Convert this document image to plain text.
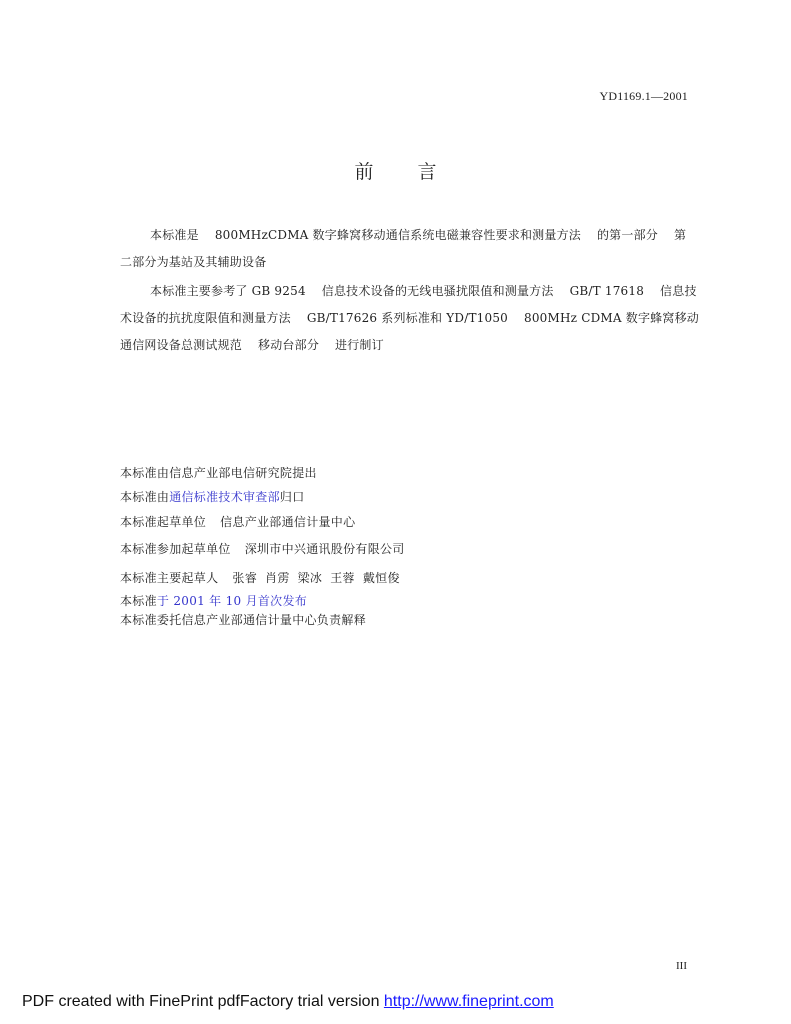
YD1169.1—2001
前言
本标准是 800MHzCDMA 数字蜂窝移动通信系统电磁兼容性要求和测量方法 的第一部分 第
二部分为基站及其辅助设备
本标准主要参考了 GB 9254 信息技术设备的无线电骚扰限值和测量方法 GB/T 17618 信息技
术设备的抗扰度限值和测量方法 GB/T17626 系列标准和 YD/T1050 800MHz CDMA 数字蜂窝移动
通信网设备总测试规范 移动台部分 进行制订
本标准由信息产业部电信研究院提出
本标准由通信标准技术审查部归口
本标准起草单位 信息产业部通信计量中心
本标准参加起草单位 深圳市中兴通讯股份有限公司
本标准主要起草人 张睿 肖雳 梁冰 王蓉 戴恒俊
本标准于 2001 年 10 月首次发布
本标准委托信息产业部通信计量中心负责解释
III
PDF created with FinePrint pdfFactory trial version http://www.fineprint.com
